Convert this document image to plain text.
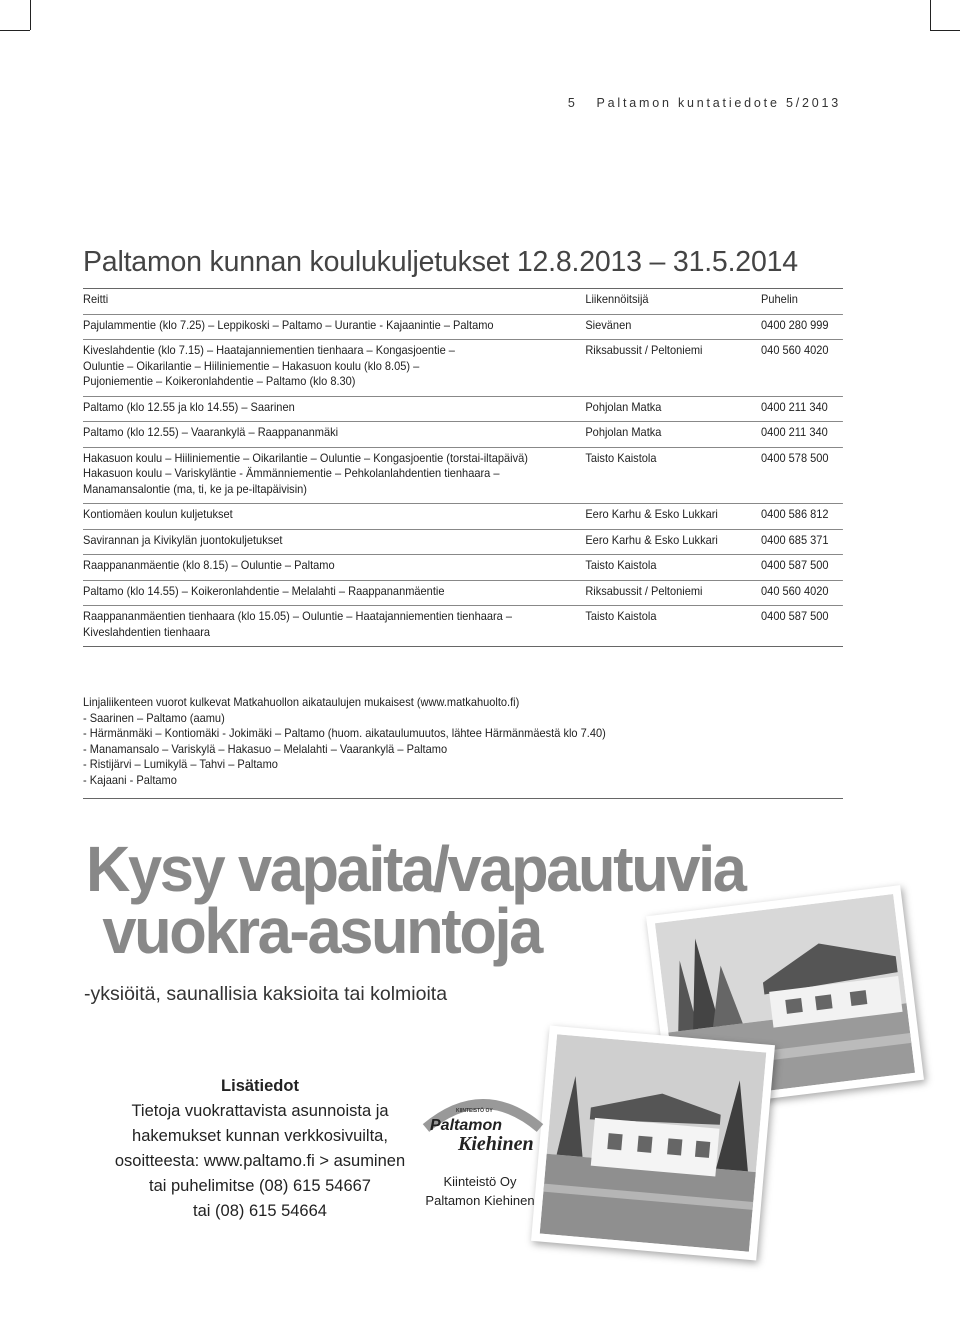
5 Paltamon kuntatiedote 5/2013
Paltamon kunnan koulukuljetukset 12.8.2013 – 31.5.2014
Reitti	Liikennöitsijä	Puhelin
Pajulammentie (klo 7.25) – Leppikoski – Paltamo – Uurantie - Kajaanintie – Paltamo	Sievänen	0400 280 999
Kiveslahdentie (klo 7.15) – Haatajanniementien tienhaara – Kongasjoentie –
Ouluntie – Oikarilantie – Hiiliniementie – Hakasuon koulu (klo 8.05) –
Pujoniementie – Koikeronlahdentie – Paltamo (klo 8.30)
Riksabussit / Peltoniemi	040 560 4020
Paltamo (klo 12.55 ja klo 14.55) – Saarinen	Pohjolan Matka	0400 211 340
Paltamo (klo 12.55) – Vaarankylä – Raappananmäki	Pohjolan Matka	0400 211 340
Hakasuon koulu – Hiiliniementie – Oikarilantie – Ouluntie – Kongasjoentie (torstai-iltapäivä)
Hakasuon koulu – Variskyläntie - Ämmänniementie – Pehkolanlahdentien tienhaara –
Manamansalontie (ma, ti, ke ja pe-iltapäivisin)
Taisto Kaistola	0400 578 500
Kontiomäen koulun kuljetukset	Eero Karhu & Esko Lukkari	0400 586 812
Savirannan ja Kivikylän juontokuljetukset	Eero Karhu & Esko Lukkari	0400 685 371
Raappananmäentie (klo 8.15) – Ouluntie – Paltamo	Taisto Kaistola	0400 587 500
Paltamo (klo 14.55) – Koikeronlahdentie – Melalahti – Raappananmäentie	Riksabussit / Peltoniemi	040 560 4020
Raappananmäentien tienhaara (klo 15.05) – Ouluntie – Haatajanniementien tienhaara –
Kiveslahdentien tienhaara
Taisto Kaistola	0400 587 500
Linjaliikenteen vuorot kulkevat Matkahuollon aikataulujen mukaisest (www.matkahuolto.fi)
- Saarinen – Paltamo (aamu)
- Härmänmäki – Kontiomäki - Jokimäki – Paltamo (huom. aikataulumuutos, lähtee Härmänmäestä klo 7.40)
- Manamansalo – Variskylä – Hakasuo – Melalahti – Vaarankylä – Paltamo
- Ristijärvi – Lumikylä – Tahvi – Paltamo
- Kajaani - Paltamo
Kysy vapaita/vapautuvia
vuokra-asuntoja
-yksiöitä, saunallisia kaksioita tai kolmioita
Lisätiedot
Tietoja vuokrattavista asunnoista ja
hakemukset kunnan verkkosivuilta,
osoitteesta: www.paltamo.fi > asuminen
tai puhelimitse (08) 615 54667
tai (08) 615 54664
KIINTEISTÖ OY
Paltamon
Kiehinen
Kiinteistö Oy
Paltamon Kiehinen
